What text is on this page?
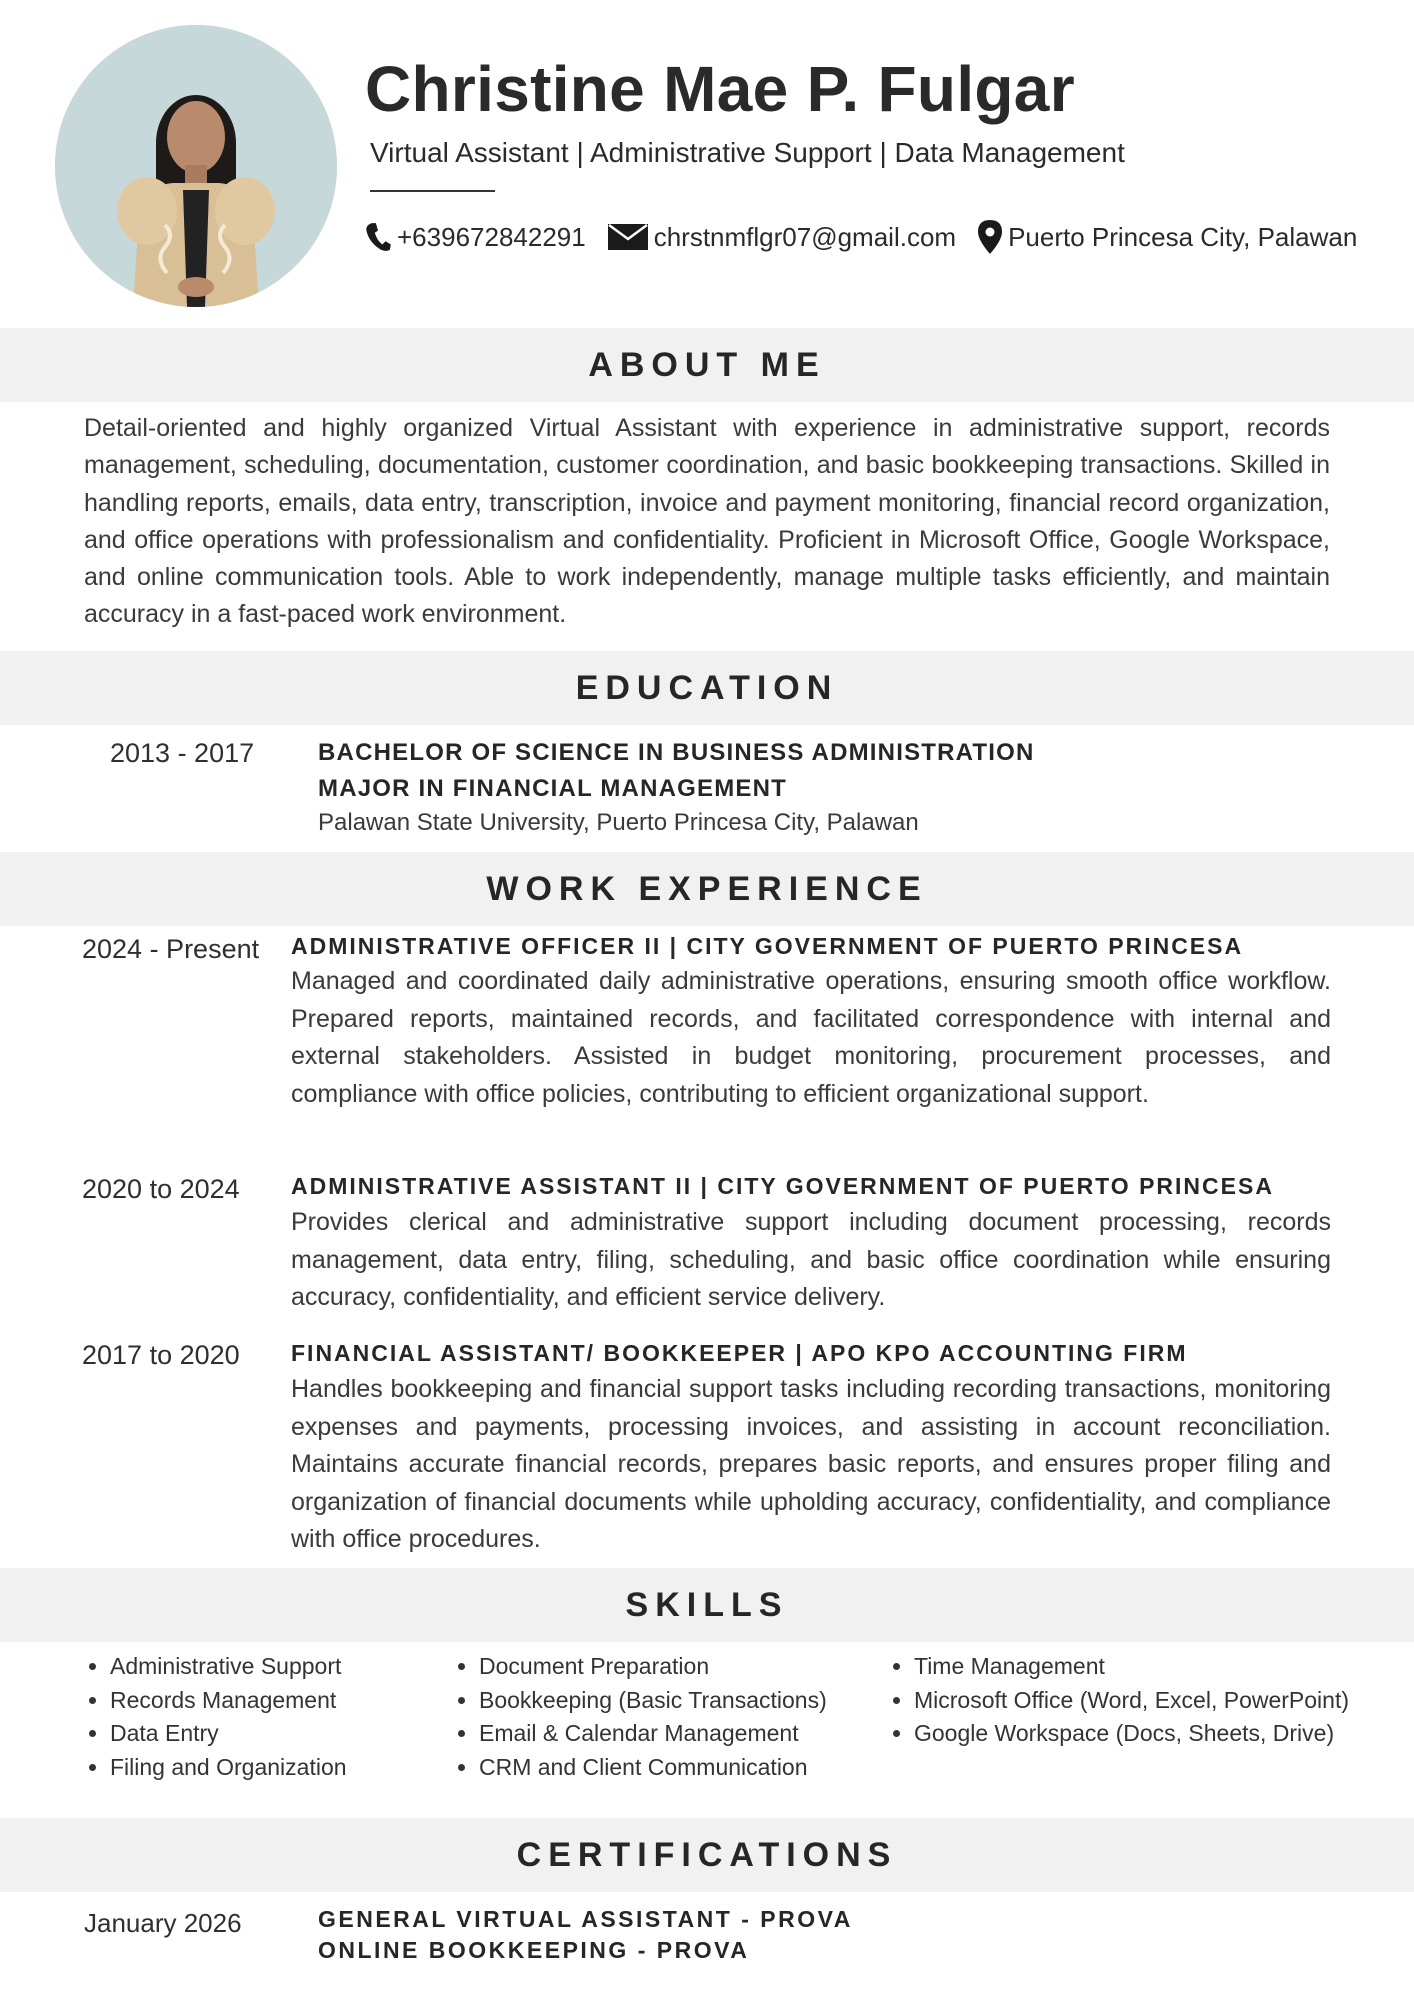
Christine Mae P. Fulgar
Virtual Assistant | Administrative Support | Data Management
+639672842291	chrstnmflgr07@gmail.com Puerto Princesa City, Palawan
ABOUT ME

Detail-oriented and highly organized Virtual Assistant with experience in administrative support, records management, scheduling, documentation, customer coordination, and basic bookkeeping transactions. Skilled in handling reports, emails, data entry, transcription, invoice and payment monitoring, financial record organization, and office operations with professionalism and confidentiality. Proficient in Microsoft Office, Google Workspace, and online communication tools. Able to work independently, manage multiple tasks efficiently, and maintain accuracy in a fast-paced work environment.

EDUCATION
2013 - 2017	BACHELOR OF SCIENCE IN BUSINESS ADMINISTRATION
MAJOR IN FINANCIAL MANAGEMENT
Palawan State University, Puerto Princesa City, Palawan
WORK EXPERIENCE
2024 - Present ADMINISTRATIVE OFFICER II | CITY GOVERNMENT OF PUERTO PRINCESA

Managed and coordinated daily administrative operations, ensuring smooth office workflow. Prepared reports, maintained records, and facilitated correspondence with internal and external stakeholders. Assisted in budget monitoring, procurement processes, and compliance with office policies, contributing to efficient organizational support.

2020 to 2024 ADMINISTRATIVE ASSISTANT II | CITY GOVERNMENT OF PUERTO PRINCESA

Provides clerical and administrative support including document processing, records management, data entry, filing, scheduling, and basic office coordination while ensuring accuracy, confidentiality, and efficient service delivery.

2017 to 2020 FINANCIAL ASSISTANT/ BOOKKEEPER | APO KPO ACCOUNTING FIRM

Handles bookkeeping and financial support tasks including recording transactions, monitoring expenses and payments, processing invoices, and assisting in account reconciliation. Maintains accurate financial records, prepares basic reports, and ensures proper filing and organization of financial documents while upholding accuracy, confidentiality, and compliance with office procedures.

SKILLS
• Administrative Support
• Records Management
• Data Entry
• Filing and Organization
• Document Preparation
• Bookkeeping (Basic Transactions)
• Email & Calendar Management
• CRM and Client Communication
• Time Management
• Microsoft Office (Word, Excel, PowerPoint)
• Google Workspace (Docs, Sheets, Drive)
CERTIFICATIONS
January 2026	GENERAL VIRTUAL ASSISTANT - PROVA
ONLINE BOOKKEEPING - PROVA
